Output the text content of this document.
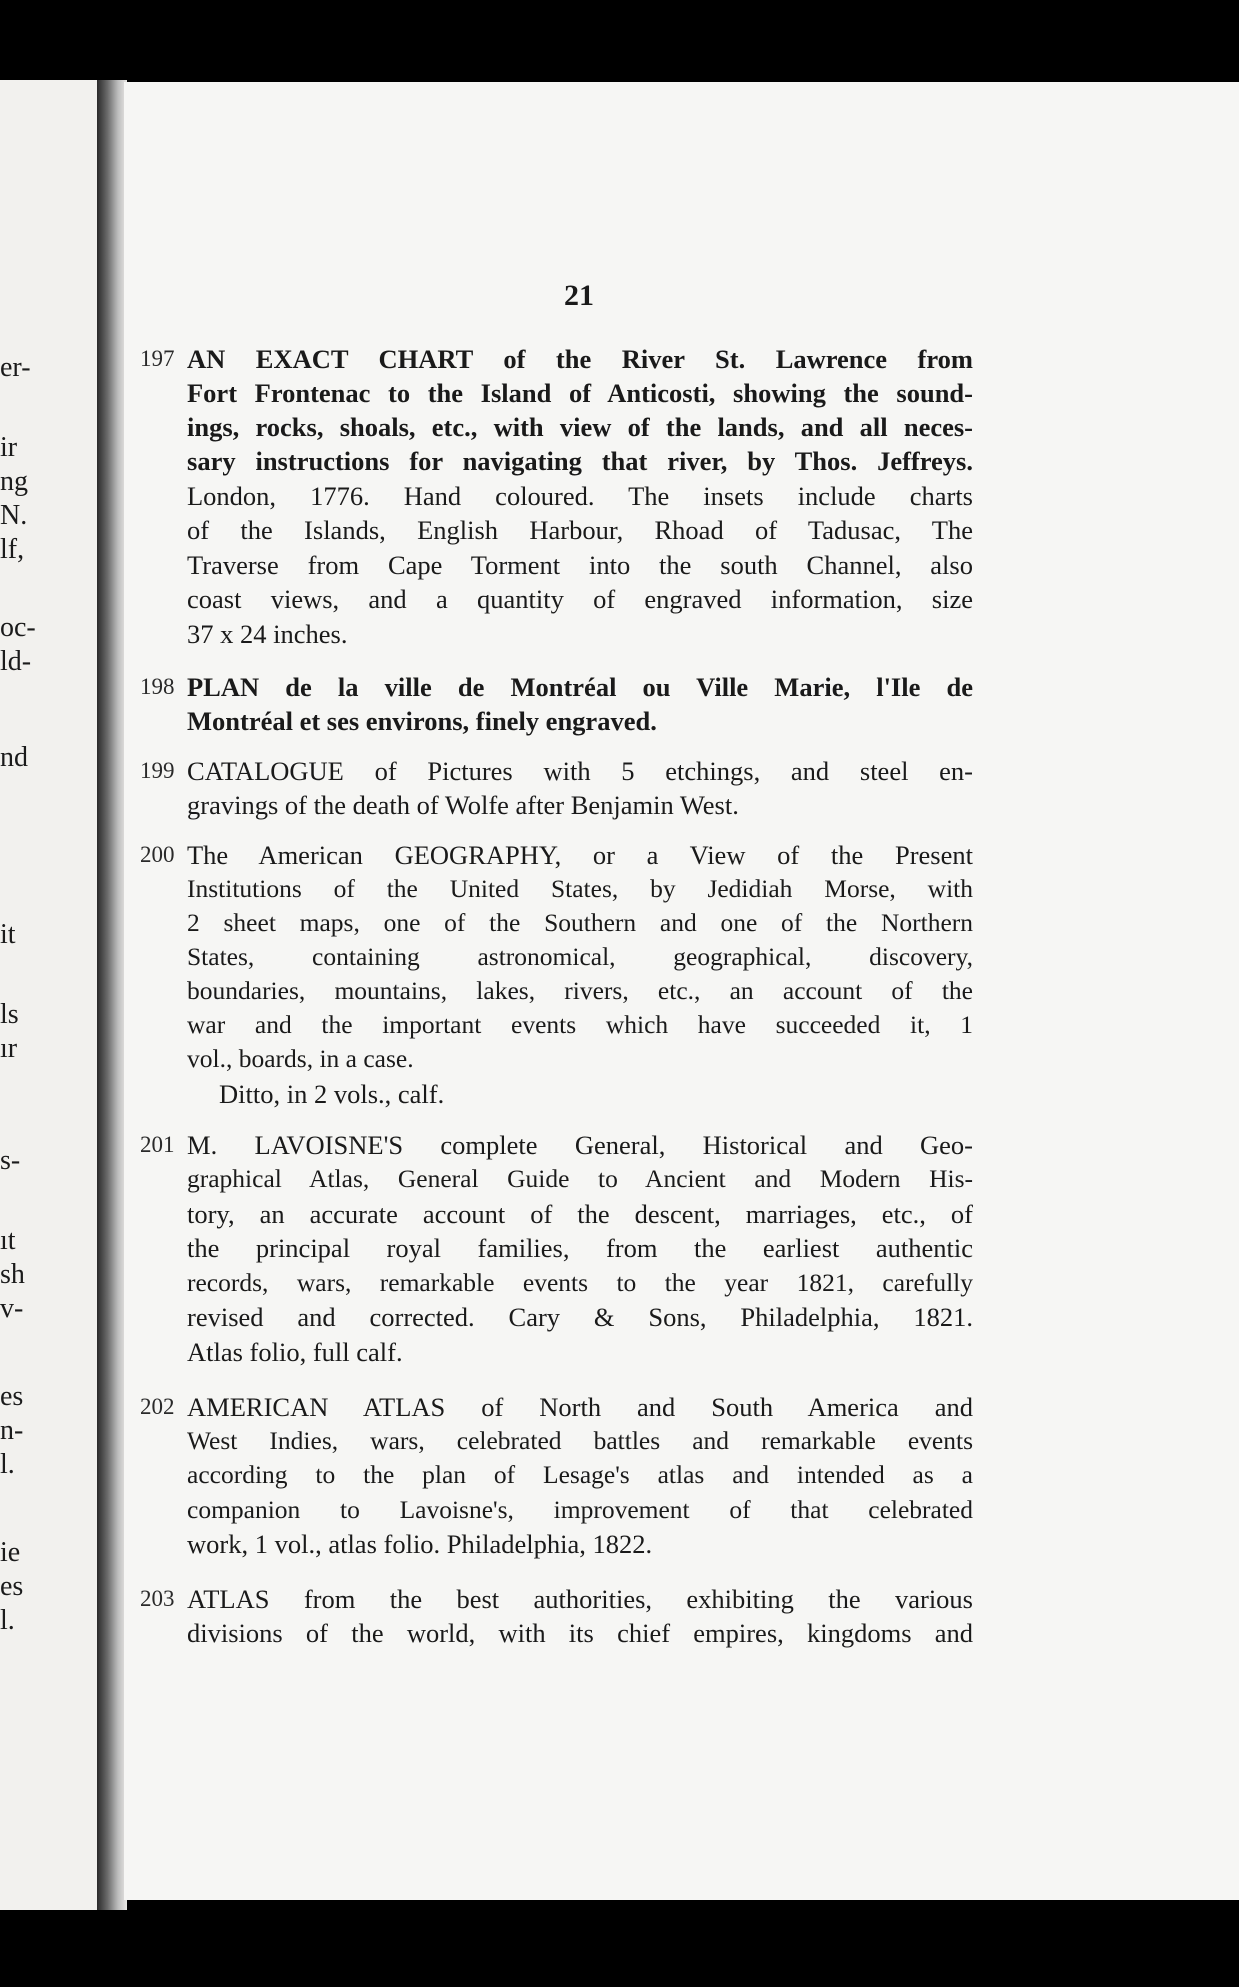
er-
ir
ng
N.
lf,
oc-
ld-
nd
it
ls
ır
s-
ıt
sh
v-
es
n-
l.
ie
es
l.
21
197 AN EXACT CHART of the River St. Lawrence from
Fort Frontenac to the Island of Anticosti, showing the sound-
ings, rocks, shoals, etc., with view of the lands, and all neces-
sary instructions for navigating that river, by Thos. Jeffreys.
London, 1776. Hand coloured. The insets include charts
of the Islands, English Harbour, Rhoad of Tadusac, The
Traverse from Cape Torment into the south Channel, also
coast views, and a quantity of engraved information, size
37 x 24 inches.
198 PLAN de la ville de Montréal ou Ville Marie, l'Ile de
Montréal et ses environs, finely engraved.
199 CATALOGUE of Pictures with 5 etchings, and steel en-
gravings of the death of Wolfe after Benjamin West.
200 The American GEOGRAPHY, or a View of the Present
Institutions of the United States, by Jedidiah Morse, with
2 sheet maps, one of the Southern and one of the Northern
States, containing astronomical, geographical, discovery,
boundaries, mountains, lakes, rivers, etc., an account of the
war and the important events which have succeeded it, 1
vol., boards, in a case.
Ditto, in 2 vols., calf.
201 M. LAVOISNE'S complete General, Historical and Geo-
graphical Atlas, General Guide to Ancient and Modern His-
tory, an accurate account of the descent, marriages, etc., of
the principal royal families, from the earliest authentic
records, wars, remarkable events to the year 1821, carefully
revised and corrected. Cary & Sons, Philadelphia, 1821.
Atlas folio, full calf.
202 AMERICAN ATLAS of North and South America and
West Indies, wars, celebrated battles and remarkable events
according to the plan of Lesage's atlas and intended as a
companion to Lavoisne's, improvement of that celebrated
work, 1 vol., atlas folio. Philadelphia, 1822.
203 ATLAS from the best authorities, exhibiting the various
divisions of the world, with its chief empires, kingdoms and
